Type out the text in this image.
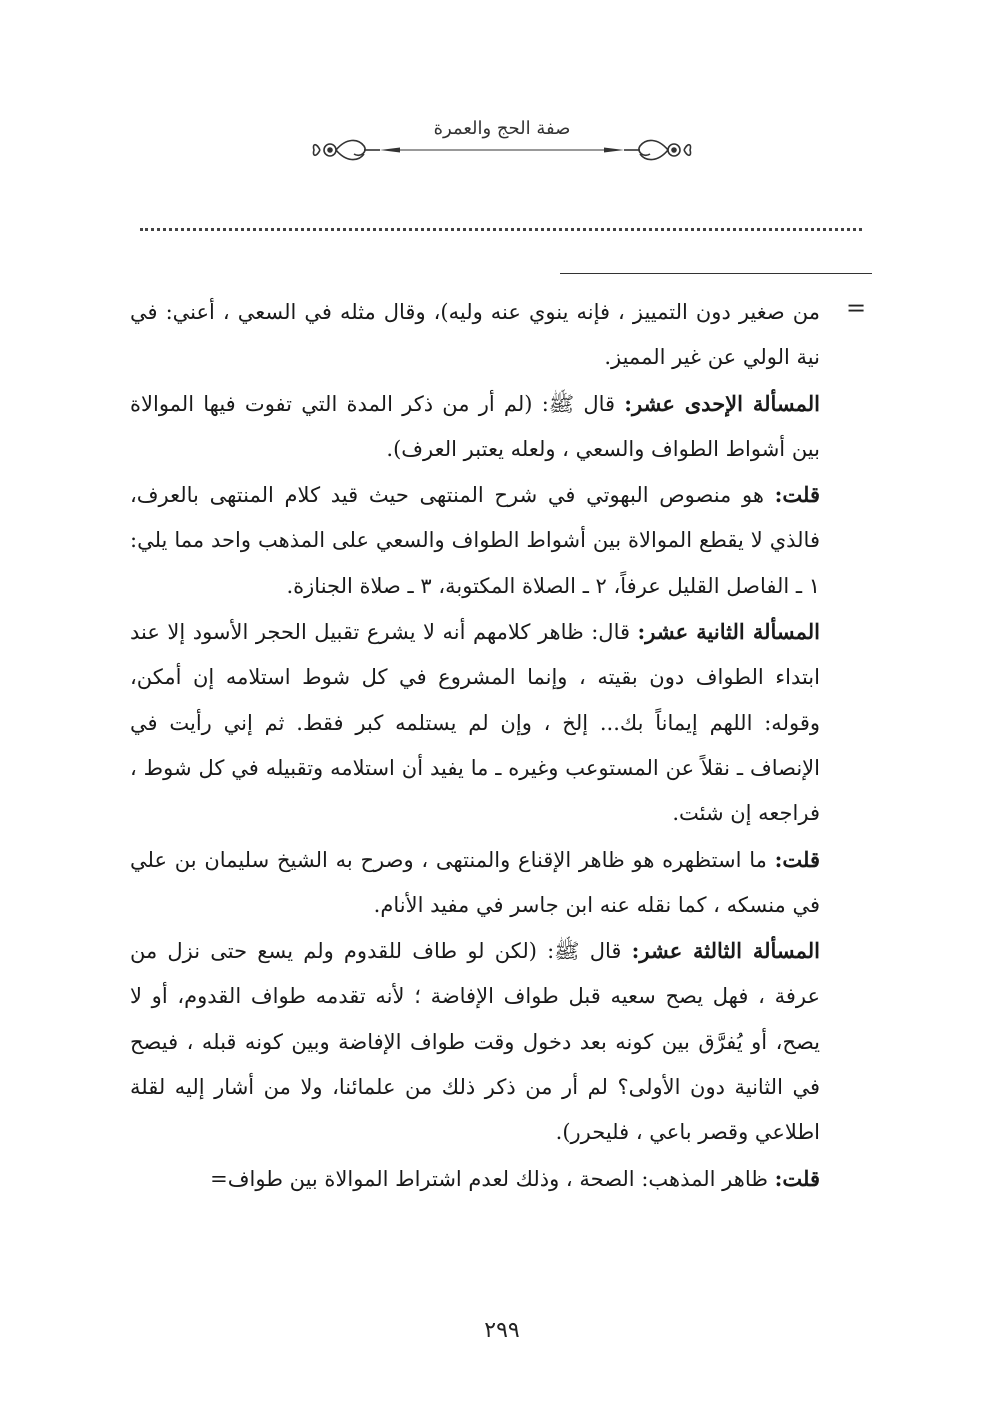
صفة الحج والعمرة
=

من صغير دون التمييز ، فإنه ينوي عنه وليه)، وقال مثله في السعي ، أعني: في نية الولي عن غير المميز.

المسألة الإحدى عشر: قال ﷺ: (لم أر من ذكر المدة التي تفوت فيها الموالاة بين أشواط الطواف والسعي ، ولعله يعتبر العرف).

قلت: هو منصوص البهوتي في شرح المنتهى حيث قيد كلام المنتهى بالعرف، فالذي لا يقطع الموالاة بين أشواط الطواف والسعي على المذهب واحد مما يلي: ١ ـ الفاصل القليل عرفاً، ٢ ـ الصلاة المكتوبة، ٣ ـ صلاة الجنازة.

المسألة الثانية عشر: قال: ظاهر كلامهم أنه لا يشرع تقبيل الحجر الأسود إلا عند ابتداء الطواف دون بقيته ، وإنما المشروع في كل شوط استلامه إن أمكن، وقوله: اللهم إيماناً بك... إلخ ، وإن لم يستلمه كبر فقط. ثم إني رأيت في الإنصاف ـ نقلاً عن المستوعب وغيره ـ ما يفيد أن استلامه وتقبيله في كل شوط ، فراجعه إن شئت.

قلت: ما استظهره هو ظاهر الإقناع والمنتهى ، وصرح به الشيخ سليمان بن علي في منسكه ، كما نقله عنه ابن جاسر في مفيد الأنام.

المسألة الثالثة عشر: قال ﷺ: (لكن لو طاف للقدوم ولم يسع حتى نزل من عرفة ، فهل يصح سعيه قبل طواف الإفاضة ؛ لأنه تقدمه طواف القدوم، أو لا يصح، أو يُفرَّق بين كونه بعد دخول وقت طواف الإفاضة وبين كونه قبله ، فيصح في الثانية دون الأولى؟ لم أر من ذكر ذلك من علمائنا، ولا من أشار إليه لقلة اطلاعي وقصر باعي ، فليحرر).

قلت: ظاهر المذهب: الصحة ، وذلك لعدم اشتراط الموالاة بين طواف=

٢٩٩
